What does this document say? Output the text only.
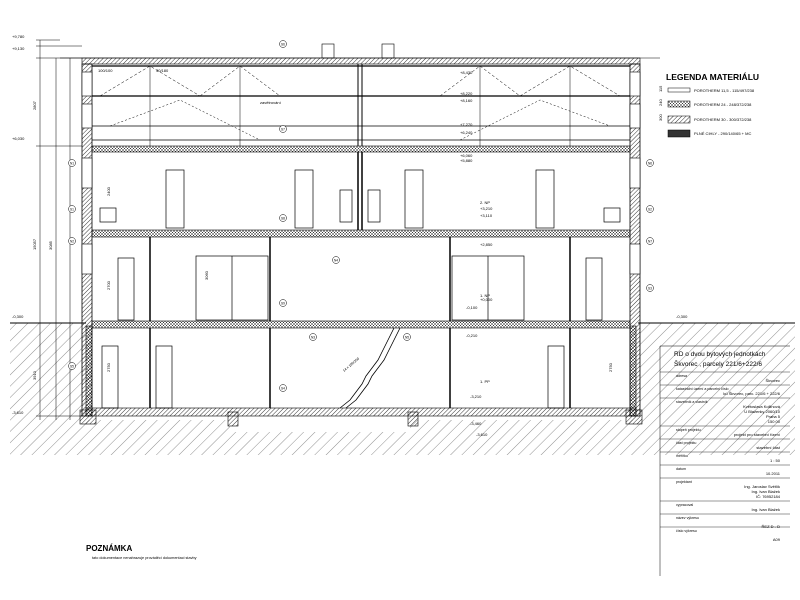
LEGENDA MATERIÁLU
POROTHERM 11,5 - 115/497/238
POROTHERM 24 - 248/372/238
POROTHERM 30 - 300/372/238
PLNÉ CIHLY - 290/140/65 + MC
115
240
300
+9,780
+9,130
+6,030
-0,300
-3,610
-0,300
2807
15057	3085
3910
S6
S7
S8
S9
S4
S5
N1
N2
N3
N4
N5
N6
N7
S1	S2
S3
+8,430
+8,220
+8,160
+7,270
+6,240
+6,060
+5,880
+3,210
+3,110
+2,850
+0,000
-0,100
-0,210
-3,210
-3,460
-3,610
2. NP
1. NP
1. PP
100/100	40/180
zavětrování
2400
2700
2750	2750
3060
14 x 190/250
adresa
Škvorec
katastrální území a parcelní číslo
kú Škvorec, parc. 221/6 + 222/6
stavebník a vlastník
Květoslava Kollinová
U Blaženky 2060/10
Praha 5
150 00
stupeň projektu
projekt pro stavební řízení
část projektu
stavební část
měřítko
1 : 50
datum
10.2011
projektant
Ing. Jaroslav Světlík
Ing. Ivan Blažek
IČ: 76952184
vypracoval
Ing. Ivan Blažek
název výkresu
ŘEZ D - D
číslo výkresu
A09
RD o dvou bytových jednotkách
Škvorec , parcely 221/6+222/6
POZNÁMKA
tato dokumentace nenahrazuje prováděcí dokumentaci stavby
